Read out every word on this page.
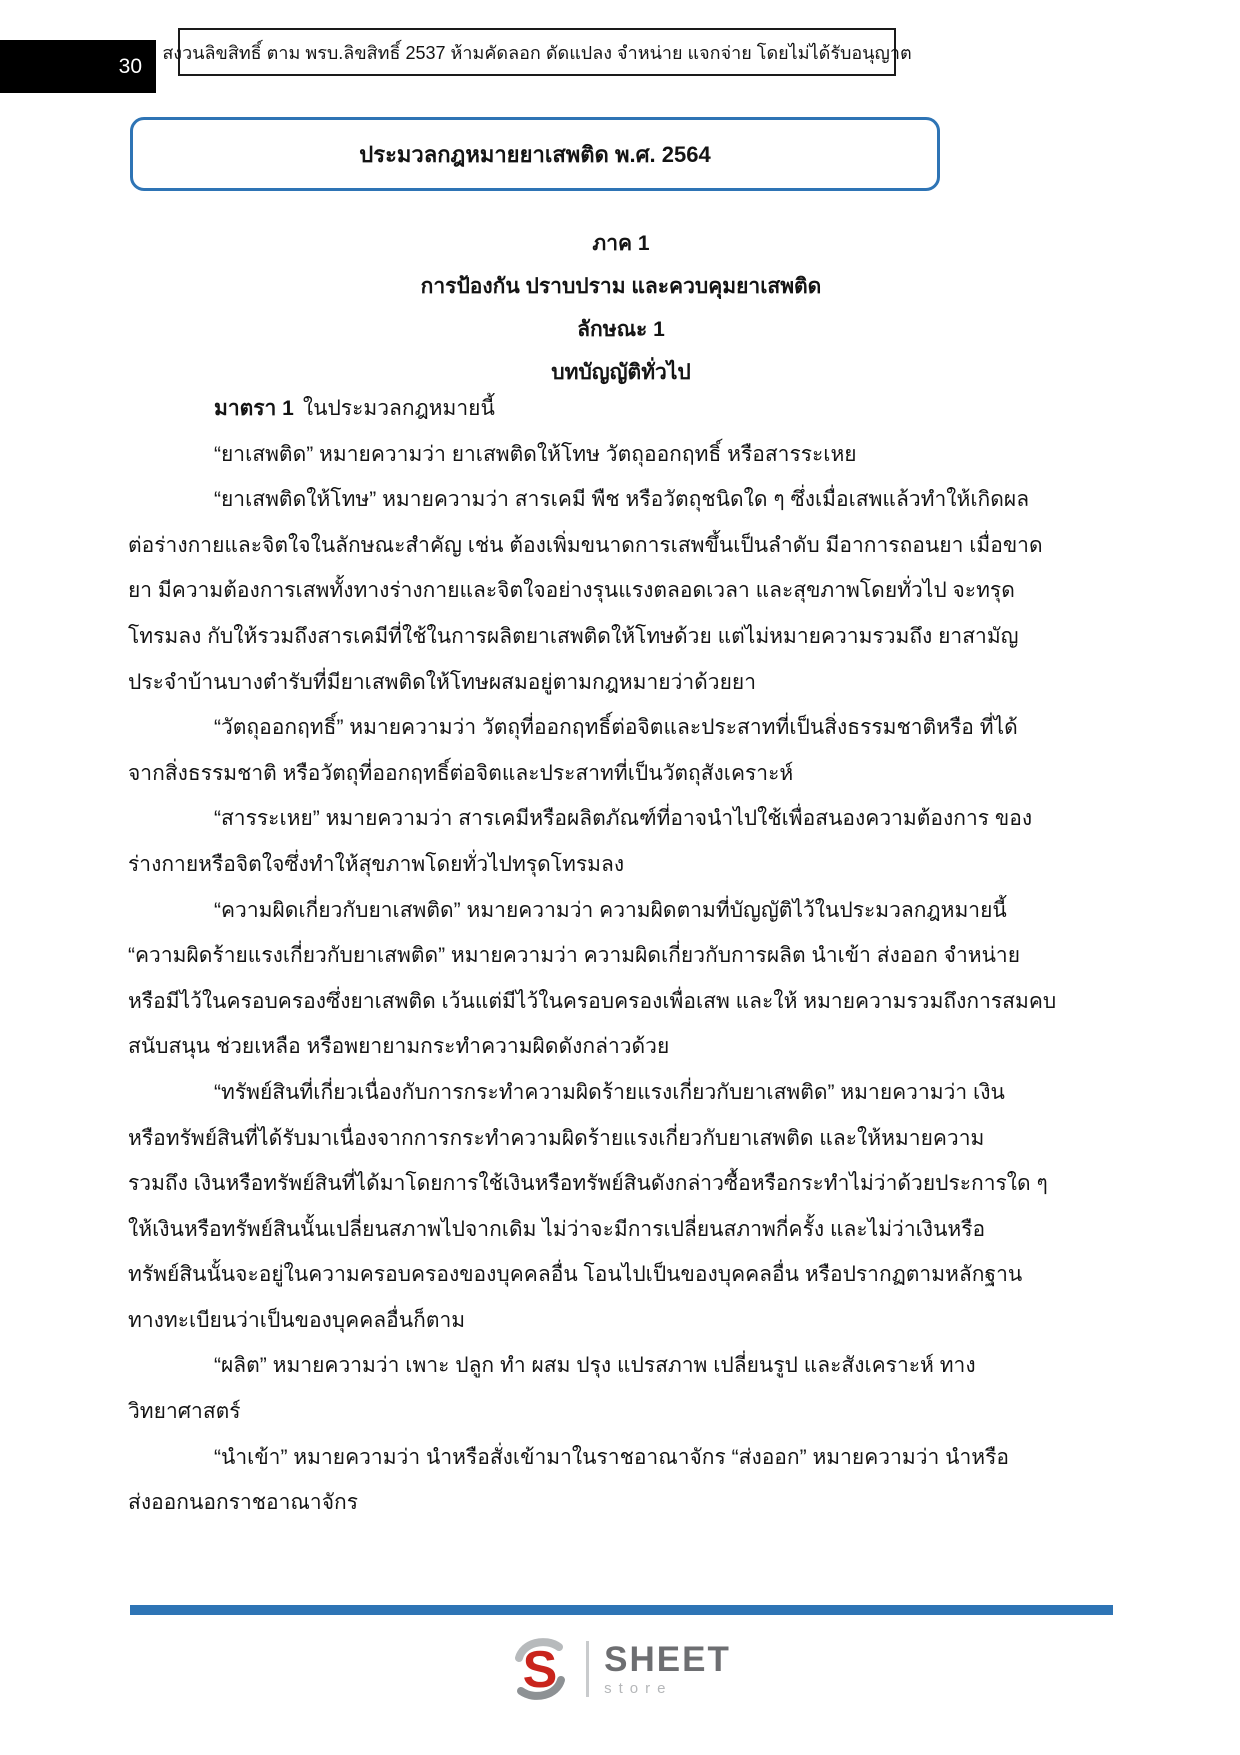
30
สงวนลิขสิทธิ์ ตาม พรบ.ลิขสิทธิ์ 2537 ห้ามคัดลอก ดัดแปลง จำหน่าย แจกจ่าย โดยไม่ได้รับอนุญาต
ประมวลกฎหมายยาเสพติด พ.ศ. 2564
ภาค 1
การป้องกัน ปราบปราม และควบคุมยาเสพติด
ลักษณะ 1
บทบัญญัติทั่วไป
มาตรา 1 ในประมวลกฎหมายนี้
“ยาเสพติด” หมายความว่า ยาเสพติดให้โทษ วัตถุออกฤทธิ์ หรือสารระเหย
“ยาเสพติดให้โทษ” หมายความว่า สารเคมี พืช หรือวัตถุชนิดใด ๆ ซึ่งเมื่อเสพแล้วทำให้เกิดผล
ต่อร่างกายและจิตใจในลักษณะสำคัญ เช่น ต้องเพิ่มขนาดการเสพขึ้นเป็นลำดับ มีอาการถอนยา เมื่อขาด
ยา มีความต้องการเสพทั้งทางร่างกายและจิตใจอย่างรุนแรงตลอดเวลา และสุขภาพโดยทั่วไป จะทรุด
โทรมลง กับให้รวมถึงสารเคมีที่ใช้ในการผลิตยาเสพติดให้โทษด้วย แต่ไม่หมายความรวมถึง ยาสามัญ
ประจำบ้านบางตำรับที่มียาเสพติดให้โทษผสมอยู่ตามกฎหมายว่าด้วยยา
“วัตถุออกฤทธิ์” หมายความว่า วัตถุที่ออกฤทธิ์ต่อจิตและประสาทที่เป็นสิ่งธรรมชาติหรือ ที่ได้
จากสิ่งธรรมชาติ หรือวัตถุที่ออกฤทธิ์ต่อจิตและประสาทที่เป็นวัตถุสังเคราะห์
“สารระเหย” หมายความว่า สารเคมีหรือผลิตภัณฑ์ที่อาจนำไปใช้เพื่อสนองความต้องการ ของ
ร่างกายหรือจิตใจซึ่งทำให้สุขภาพโดยทั่วไปทรุดโทรมลง
“ความผิดเกี่ยวกับยาเสพติด” หมายความว่า ความผิดตามที่บัญญัติไว้ในประมวลกฎหมายนี้
“ความผิดร้ายแรงเกี่ยวกับยาเสพติด” หมายความว่า ความผิดเกี่ยวกับการผลิต นำเข้า ส่งออก จำหน่าย
หรือมีไว้ในครอบครองซึ่งยาเสพติด เว้นแต่มีไว้ในครอบครองเพื่อเสพ และให้ หมายความรวมถึงการสมคบ
สนับสนุน ช่วยเหลือ หรือพยายามกระทำความผิดดังกล่าวด้วย
“ทรัพย์สินที่เกี่ยวเนื่องกับการกระทำความผิดร้ายแรงเกี่ยวกับยาเสพติด” หมายความว่า เงิน
หรือทรัพย์สินที่ได้รับมาเนื่องจากการกระทำความผิดร้ายแรงเกี่ยวกับยาเสพติด และให้หมายความ
รวมถึง เงินหรือทรัพย์สินที่ได้มาโดยการใช้เงินหรือทรัพย์สินดังกล่าวซื้อหรือกระทำไม่ว่าด้วยประการใด ๆ
ให้เงินหรือทรัพย์สินนั้นเปลี่ยนสภาพไปจากเดิม ไม่ว่าจะมีการเปลี่ยนสภาพกี่ครั้ง และไม่ว่าเงินหรือ
ทรัพย์สินนั้นจะอยู่ในความครอบครองของบุคคลอื่น โอนไปเป็นของบุคคลอื่น หรือปรากฏตามหลักฐาน
ทางทะเบียนว่าเป็นของบุคคลอื่นก็ตาม
“ผลิต” หมายความว่า เพาะ ปลูก ทำ ผสม ปรุง แปรสภาพ เปลี่ยนรูป และสังเคราะห์ ทาง
วิทยาศาสตร์
“นำเข้า” หมายความว่า นำหรือสั่งเข้ามาในราชอาณาจักร “ส่งออก” หมายความว่า นำหรือ
ส่งออกนอกราชอาณาจักร
S SHEET
store
